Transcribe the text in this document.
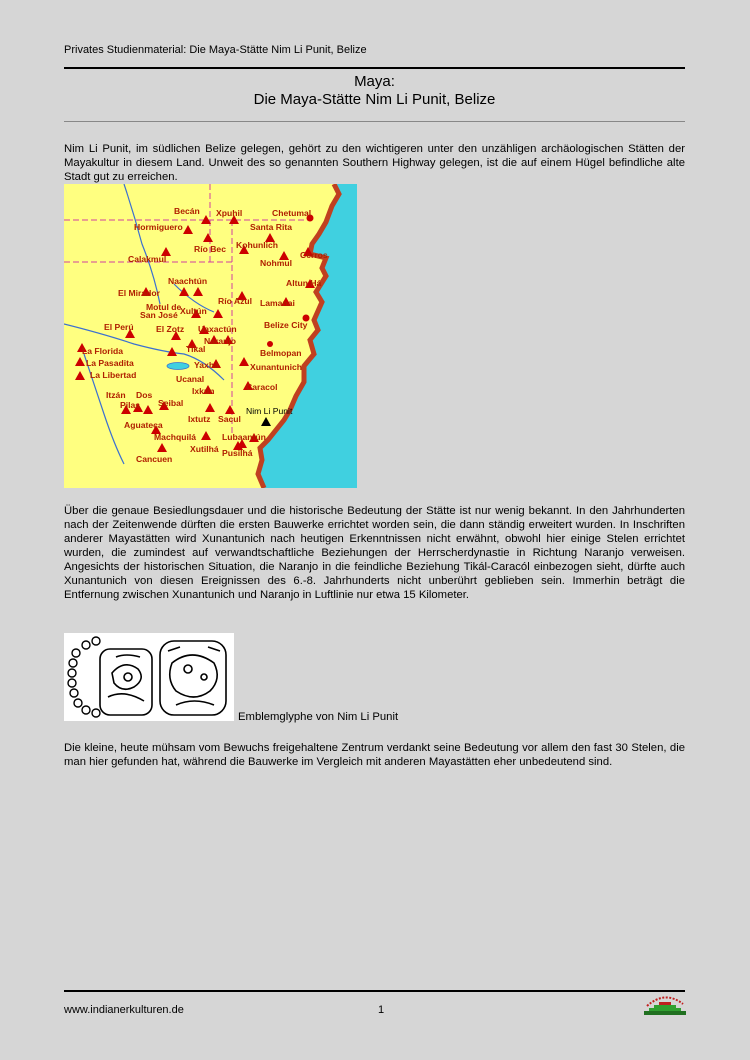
Privates Studienmaterial: Die Maya-Stätte Nim Li Punit, Belize
Maya:
Die Maya-Stätte Nim Li Punit, Belize

Nim Li Punit, im südlichen Belize gelegen, gehört zu den wichtigeren unter den unzähligen archäologischen Stätten der Mayakultur in diesem Land. Unweit des so genannten Southern Highway gelegen, ist die auf einem Hügel befindliche alte Stadt gut zu erreichen.

Becán Xpuhil	Chetumal
Hormiguero	Santa Rita
Río Bec Kohunlich
Calakmul	Nohmul
Cerros
Naachtún	Altun Há
El Mirador
Río Azul Lamanai
Motul de
San José Xultún
Belize City
El Perú	El Zotz Uaxactún
Naranjo
La Florida	Tikal	Belmopan
La Pasadita	Yaxhá	Xunantunich
La Libertad	Ucanal
Caracol
Itzán Dos	Ixkún
Pilas Seibal
Nim Li Punit
Aguateca
Ixtutz Sacul
Machquilá	Lubaantún
Xutilhá
Cancuen
Pusilhá

Über die genaue Besiedlungsdauer und die historische Bedeutung der Stätte ist nur wenig bekannt. In den Jahrhunderten nach der Zeitenwende dürften die ersten Bauwerke errichtet worden sein, die dann ständig erweitert wurden. In Inschriften anderer Mayastätten wird Xunantunich nach heutigen Erkenntnissen nicht erwähnt, obwohl hier einige Stelen errichtet wurden, die zumindest auf verwandtschaftliche Beziehungen der Herrscherdynastie in Richtung Naranjo verweisen. Angesichts der historischen Situation, die Naranjo in die feindliche Beziehung Tikál-Caracól einbezogen sieht, dürfte auch Xunantunich von diesen Ereignissen des 6.-8. Jahrhunderts nicht unberührt geblieben sein. Immerhin beträgt die Entfernung zwischen Xunantunich und Naranjo in Luftlinie nur etwa 15 Kilometer.

Emblemglyphe von Nim Li Punit

Die kleine, heute mühsam vom Bewuchs freigehaltene Zentrum verdankt seine Bedeutung vor allem den fast 30 Stelen, die man hier gefunden hat, während die Bauwerke im Vergleich mit anderen Mayastätten eher unbedeutend sind.

www.indianerkulturen.de	1
